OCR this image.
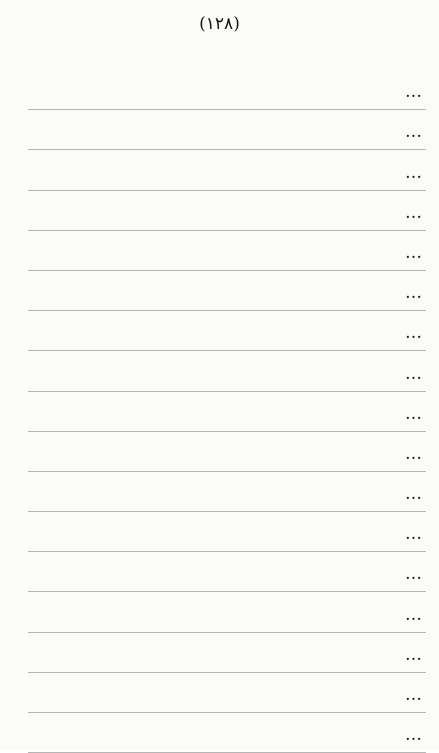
(۱۲۸)
…
…
…
…
…
…
…
…
…
…
…
…
…
…
…
…
…
